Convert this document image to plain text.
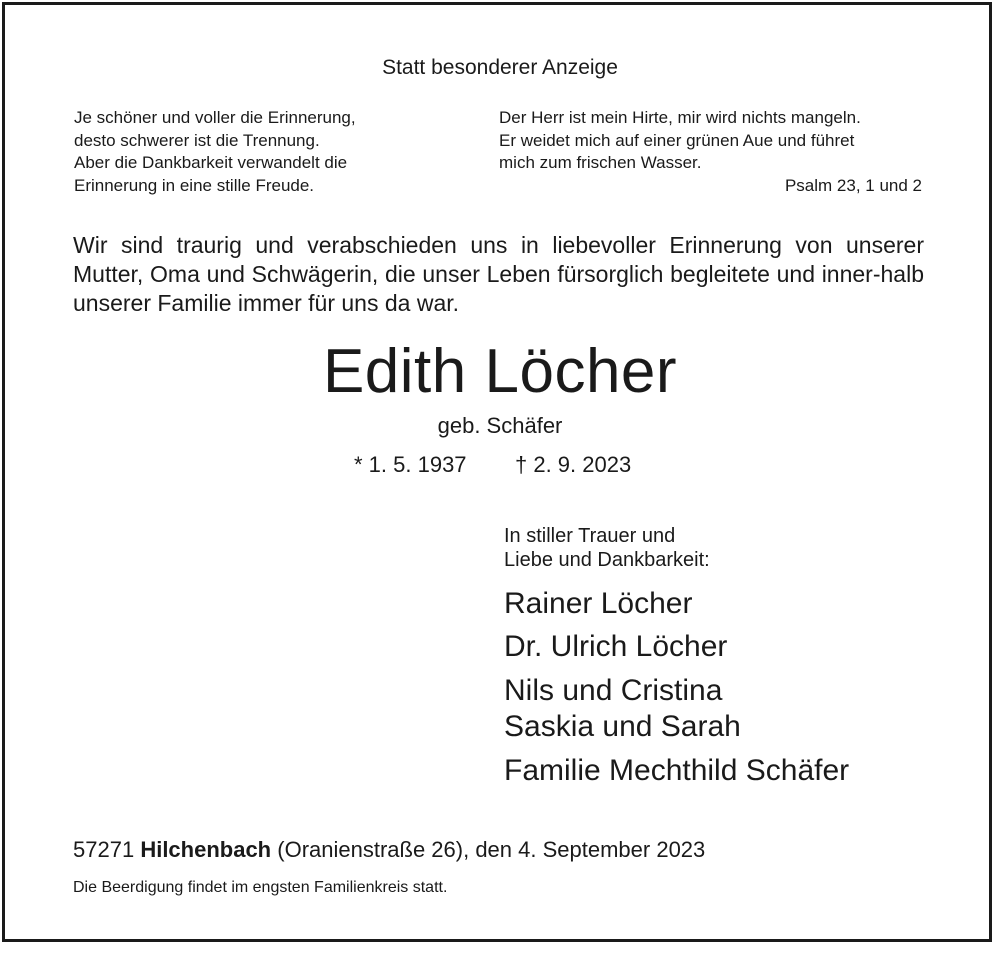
Statt besonderer Anzeige
Je schöner und voller die Erinnerung,
desto schwerer ist die Trennung.
Aber die Dankbarkeit verwandelt die
Erinnerung in eine stille Freude.
Der Herr ist mein Hirte, mir wird nichts mangeln.
Er weidet mich auf einer grünen Aue und führet
mich zum frischen Wasser.
Psalm 23, 1 und 2
Wir sind traurig und verabschieden uns in liebevoller Erinnerung von unserer Mutter, Oma und Schwägerin, die unser Leben fürsorglich begleitete und inner-halb unserer Familie immer für uns da war.
Edith Löcher
geb. Schäfer
* 1. 5. 1937 † 2. 9. 2023
In stiller Trauer und
Liebe und Dankbarkeit:
Rainer Löcher
Dr. Ulrich Löcher
Nils und Cristina
Saskia und Sarah
Familie Mechthild Schäfer
57271 Hilchenbach (Oranienstraße 26), den 4. September 2023
Die Beerdigung findet im engsten Familienkreis statt.
